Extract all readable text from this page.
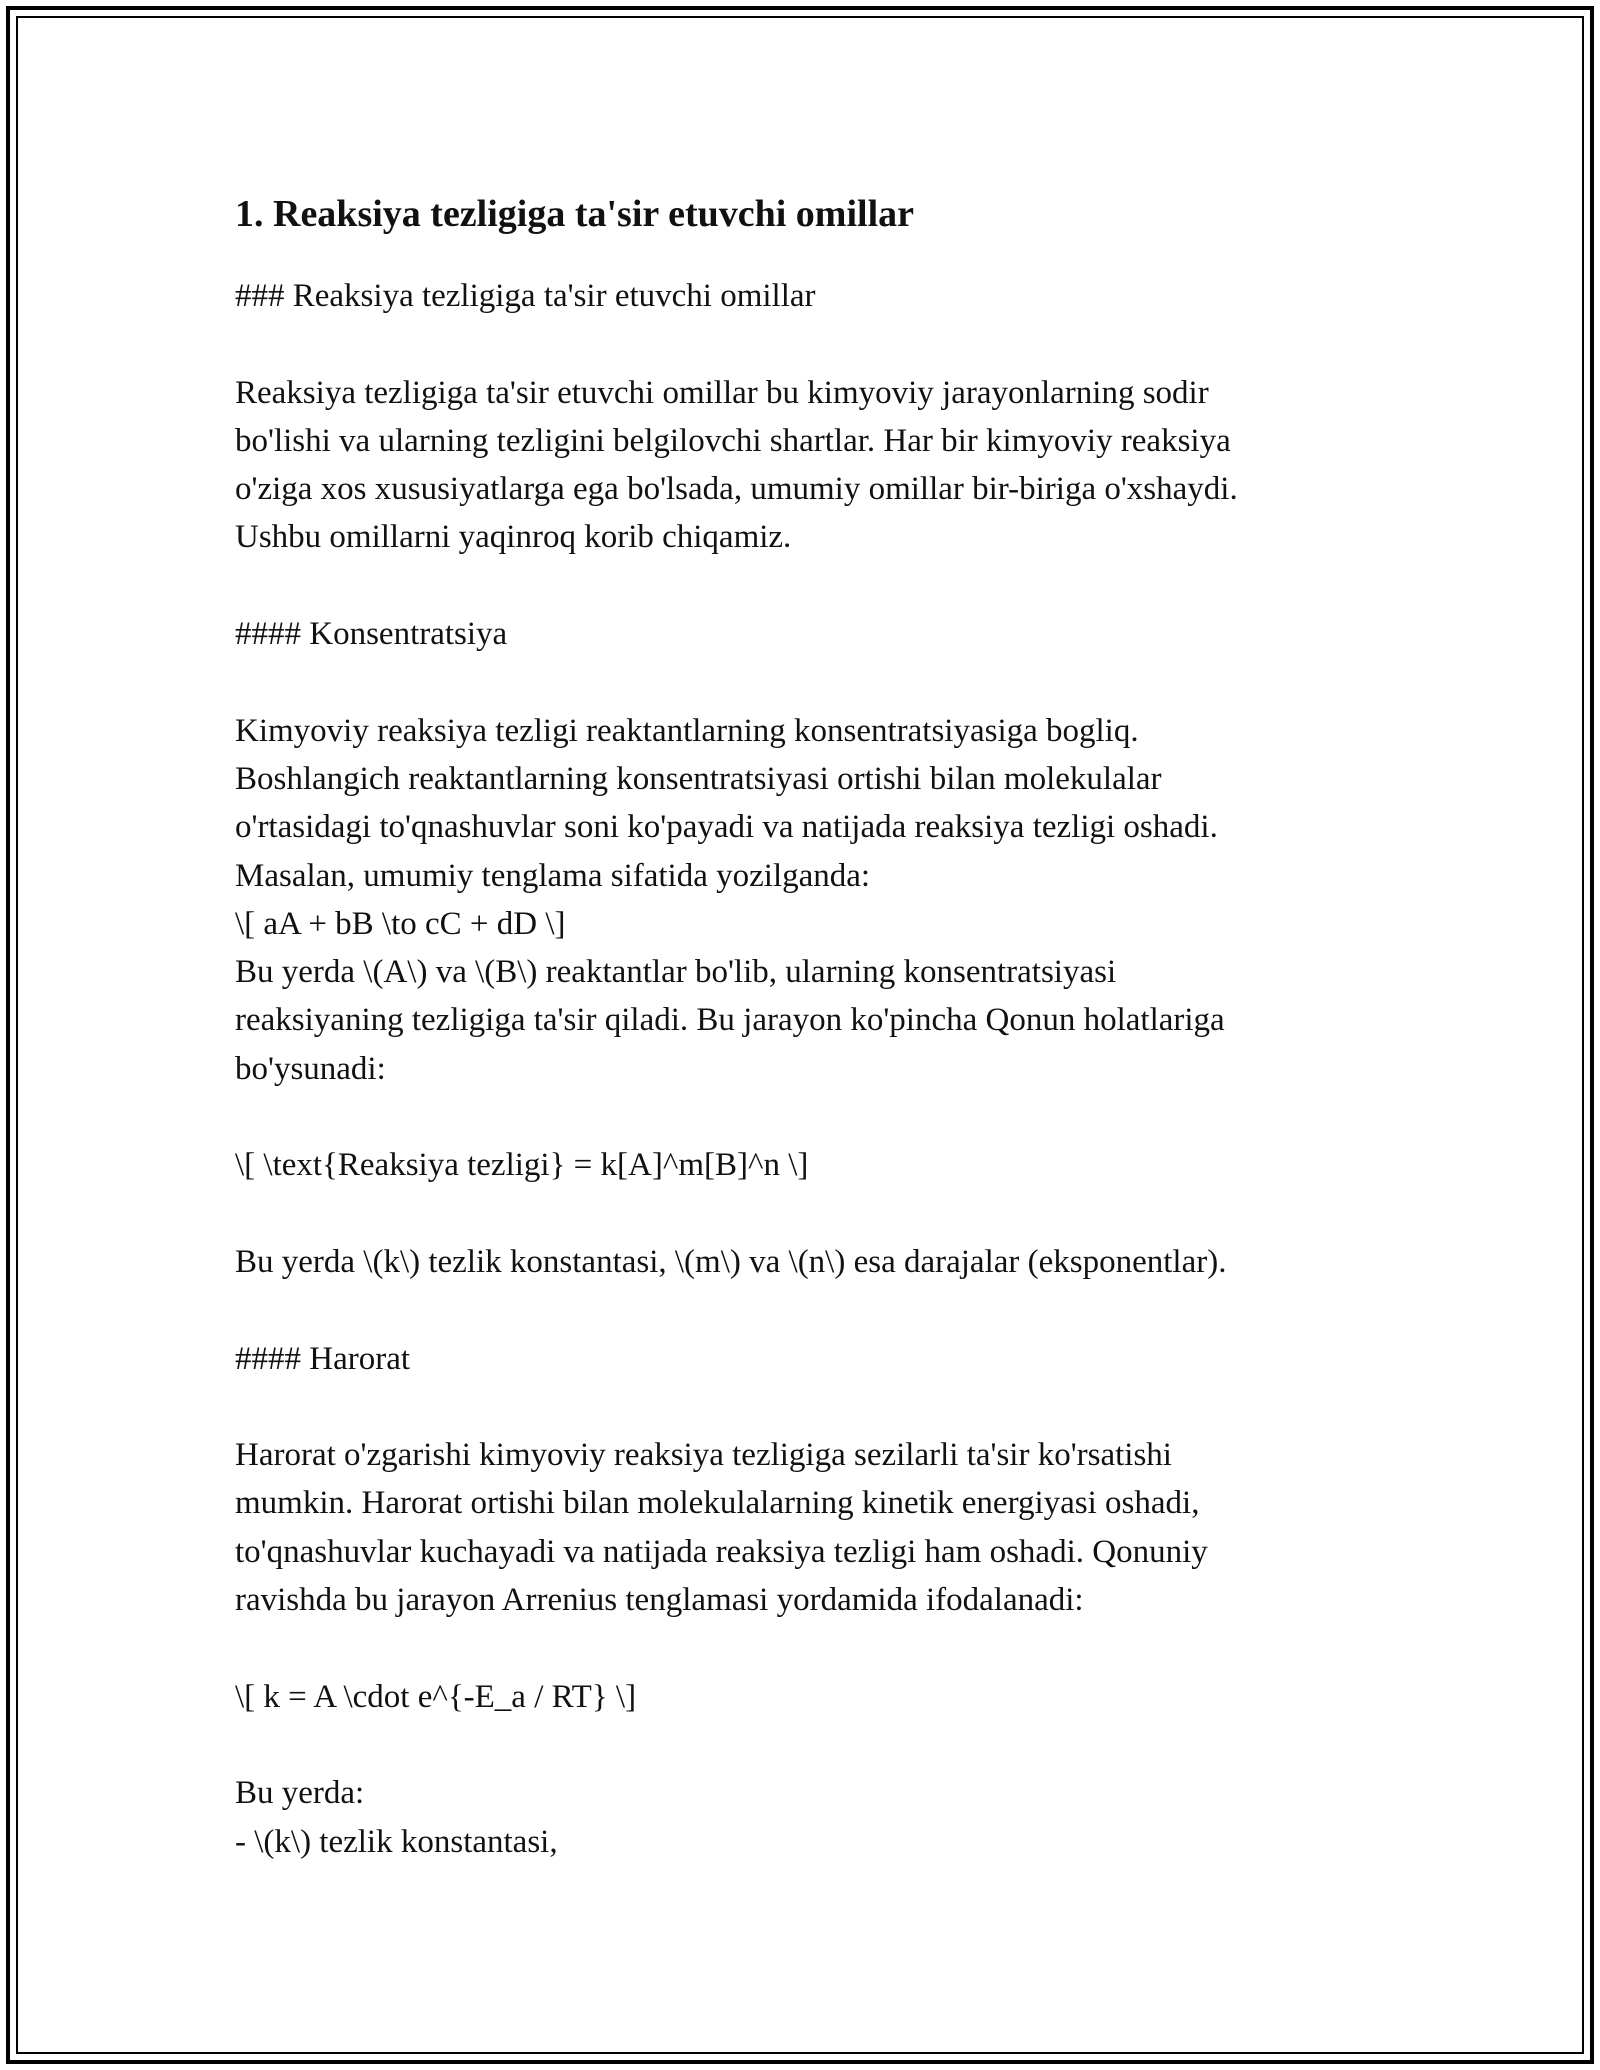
1. Reaksiya tezligiga ta'sir etuvchi omillar

### Reaksiya tezligiga ta'sir etuvchi omillar

Reaksiya tezligiga ta'sir etuvchi omillar bu kimyoviy jarayonlarning sodir

bo'lishi va ularning tezligini belgilovchi shartlar. Har bir kimyoviy reaksiya

o'ziga xos xususiyatlarga ega bo'lsada, umumiy omillar bir-biriga o'xshaydi.

Ushbu omillarni yaqinroq korib chiqamiz.

#### Konsentratsiya

Kimyoviy reaksiya tezligi reaktantlarning konsentratsiyasiga bogliq.

Boshlangich reaktantlarning konsentratsiyasi ortishi bilan molekulalar

o'rtasidagi to'qnashuvlar soni ko'payadi va natijada reaksiya tezligi oshadi.

Masalan, umumiy tenglama sifatida yozilganda:

\[ aA + bB \to cC + dD \]

Bu yerda \(A\) va \(B\) reaktantlar bo'lib, ularning konsentratsiyasi

reaksiyaning tezligiga ta'sir qiladi. Bu jarayon ko'pincha Qonun holatlariga

bo'ysunadi:

\[ \text{Reaksiya tezligi} = k[A]^m[B]^n \]

Bu yerda \(k\) tezlik konstantasi, \(m\) va \(n\) esa darajalar (eksponentlar).

#### Harorat

Harorat o'zgarishi kimyoviy reaksiya tezligiga sezilarli ta'sir ko'rsatishi

mumkin. Harorat ortishi bilan molekulalarning kinetik energiyasi oshadi,

to'qnashuvlar kuchayadi va natijada reaksiya tezligi ham oshadi. Qonuniy

ravishda bu jarayon Arrenius tenglamasi yordamida ifodalanadi:

\[ k = A \cdot e^{-E_a / RT} \]

Bu yerda:

- \(k\) tezlik konstantasi,
